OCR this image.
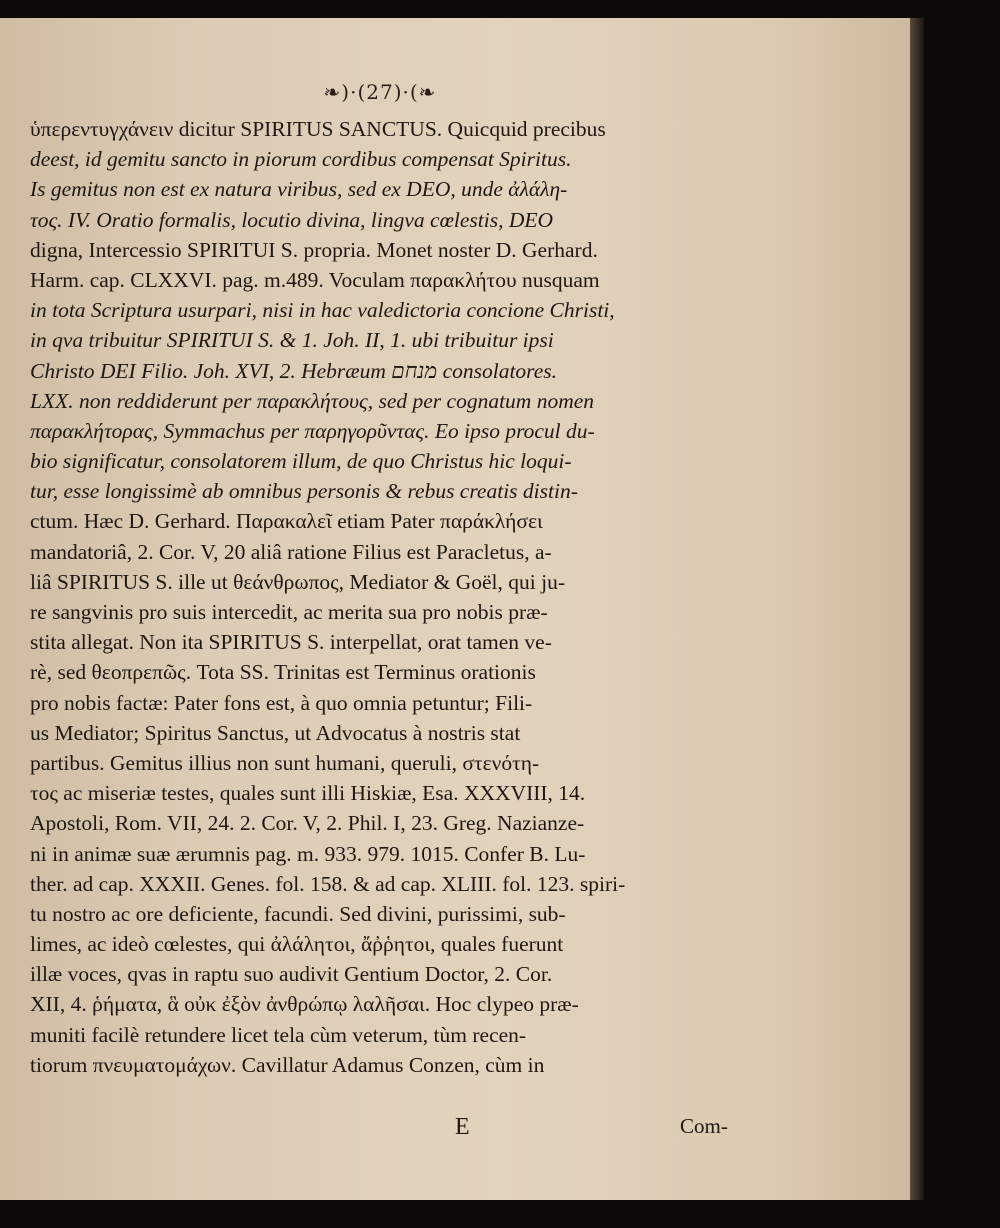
❧)·(27)·(❧
ὑπερεντυγχάνειν dicitur SPIRITUS SANCTUS. Quicquid precibus
deest, id gemitu sancto in piorum cordibus compensat Spiritus.
Is gemitus non est ex natura viribus, sed ex DEO, unde ἀλάλη-
τος. IV. Oratio formalis, locutio divina, lingva cœlestis, DEO
digna, Intercessio SPIRITUI S. propria. Monet noster D. Gerhard.
Harm. cap. CLXXVI. pag. m.489. Voculam παρακλήτου nusquam
in tota Scriptura usurpari, nisi in hac valedictoria concione Christi,
in qva tribuitur SPIRITUI S. & 1. Joh. II, 1. ubi tribuitur ipsi
Christo DEI Filio. Joh. XVI, 2. Hebræum מנחם consolatores.
LXX. non reddiderunt per παρακλήτους, sed per cognatum nomen
παρακλήτορας, Symmachus per παρηγορῦντας. Eo ipso procul du-
bio significatur, consolatorem illum, de quo Christus hic loqui-
tur, esse longissimè ab omnibus personis & rebus creatis distin-
ctum. Hæc D. Gerhard. Παρακαλεῖ etiam Pater παράκλήσει
mandatoriâ, 2. Cor. V, 20 aliâ ratione Filius est Paracletus, a-
liâ SPIRITUS S. ille ut θεάνθρωπος, Mediator & Goël, qui ju-
re sangvinis pro suis intercedit, ac merita sua pro nobis præ-
stita allegat. Non ita SPIRITUS S. interpellat, orat tamen ve-
rè, sed θεοπρεπῶς. Tota SS. Trinitas est Terminus orationis
pro nobis factæ: Pater fons est, à quo omnia petuntur; Fili-
us Mediator; Spiritus Sanctus, ut Advocatus à nostris stat
partibus. Gemitus illius non sunt humani, queruli, στενότη-
τος ac miseriæ testes, quales sunt illi Hiskiæ, Esa. XXXVIII, 14.
Apostoli, Rom. VII, 24. 2. Cor. V, 2. Phil. I, 23. Greg. Nazianze-
ni in animæ suæ ærumnis pag. m. 933. 979. 1015. Confer B. Lu-
ther. ad cap. XXXII. Genes. fol. 158. & ad cap. XLIII. fol. 123. spiri-
tu nostro ac ore deficiente, facundi. Sed divini, purissimi, sub-
limes, ac ideò cœlestes, qui ἀλάλητοι, ἄῤῥητοι, quales fuerunt
illæ voces, qvas in raptu suo audivit Gentium Doctor, 2. Cor.
XII, 4. ῥήματα, ἃ οὐκ ἐξὸν ἀνθρώπῳ λαλῆσαι. Hoc clypeo præ-
muniti facilè retundere licet tela cùm veterum, tùm recen-
tiorum πνευματομάχων. Cavillatur Adamus Conzen, cùm in
E	Com-
